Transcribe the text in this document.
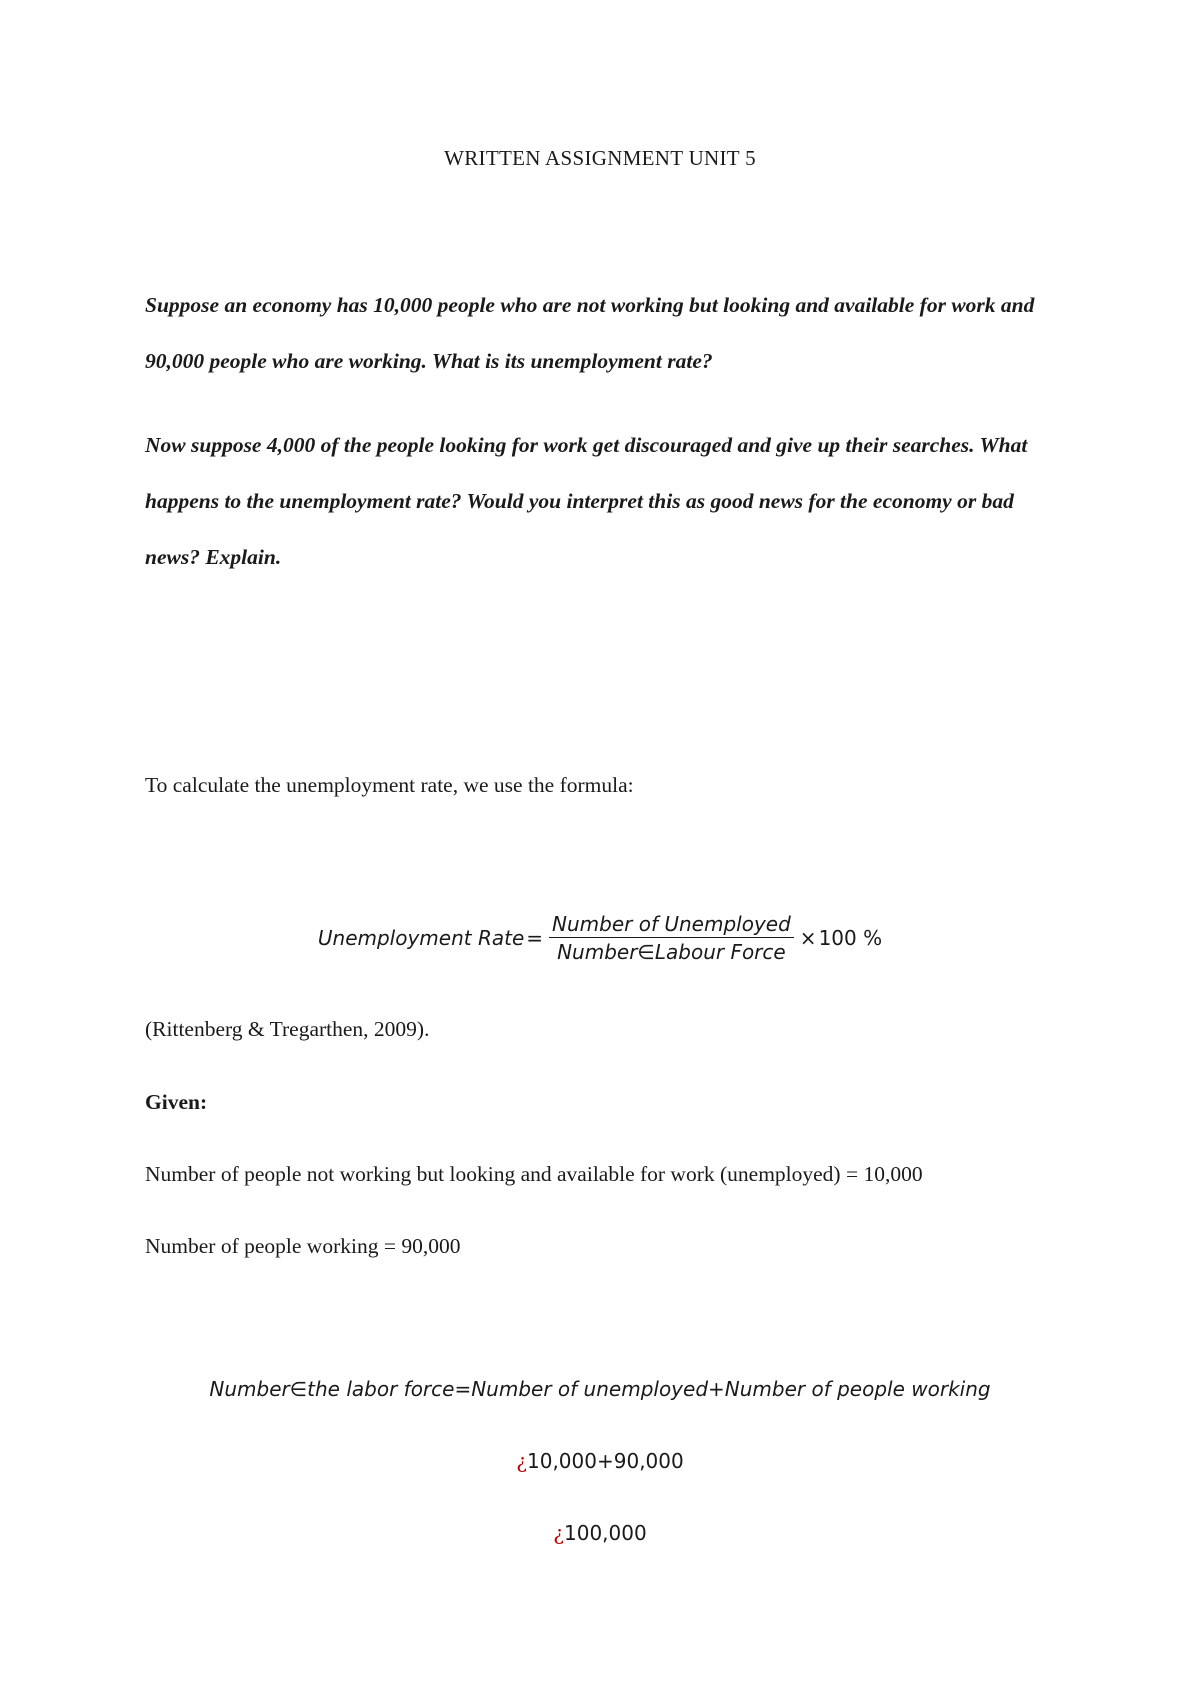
WRITTEN ASSIGNMENT UNIT 5

Suppose an economy has 10,000 people who are not working but looking and available for work and 90,000 people who are working. What is its unemployment rate?

Now suppose 4,000 of the people looking for work get discouraged and give up their searches. What happens to the unemployment rate? Would you interpret this as good news for the economy or bad news? Explain.

To calculate the unemployment rate, we use the formula:

Unemployment Rate = $\frac{\text{Number of Unemployed}}{\text{Number∈Labour Force}} \times 100$ %

(Rittenberg & Tregarthen, 2009).

Given:

Number of people not working but looking and available for work (unemployed) = 10,000

Number of people working = 90,000

Number∈the labor force=Number of unemployed+Number of people working
¿10,000+90,000
¿100,000
